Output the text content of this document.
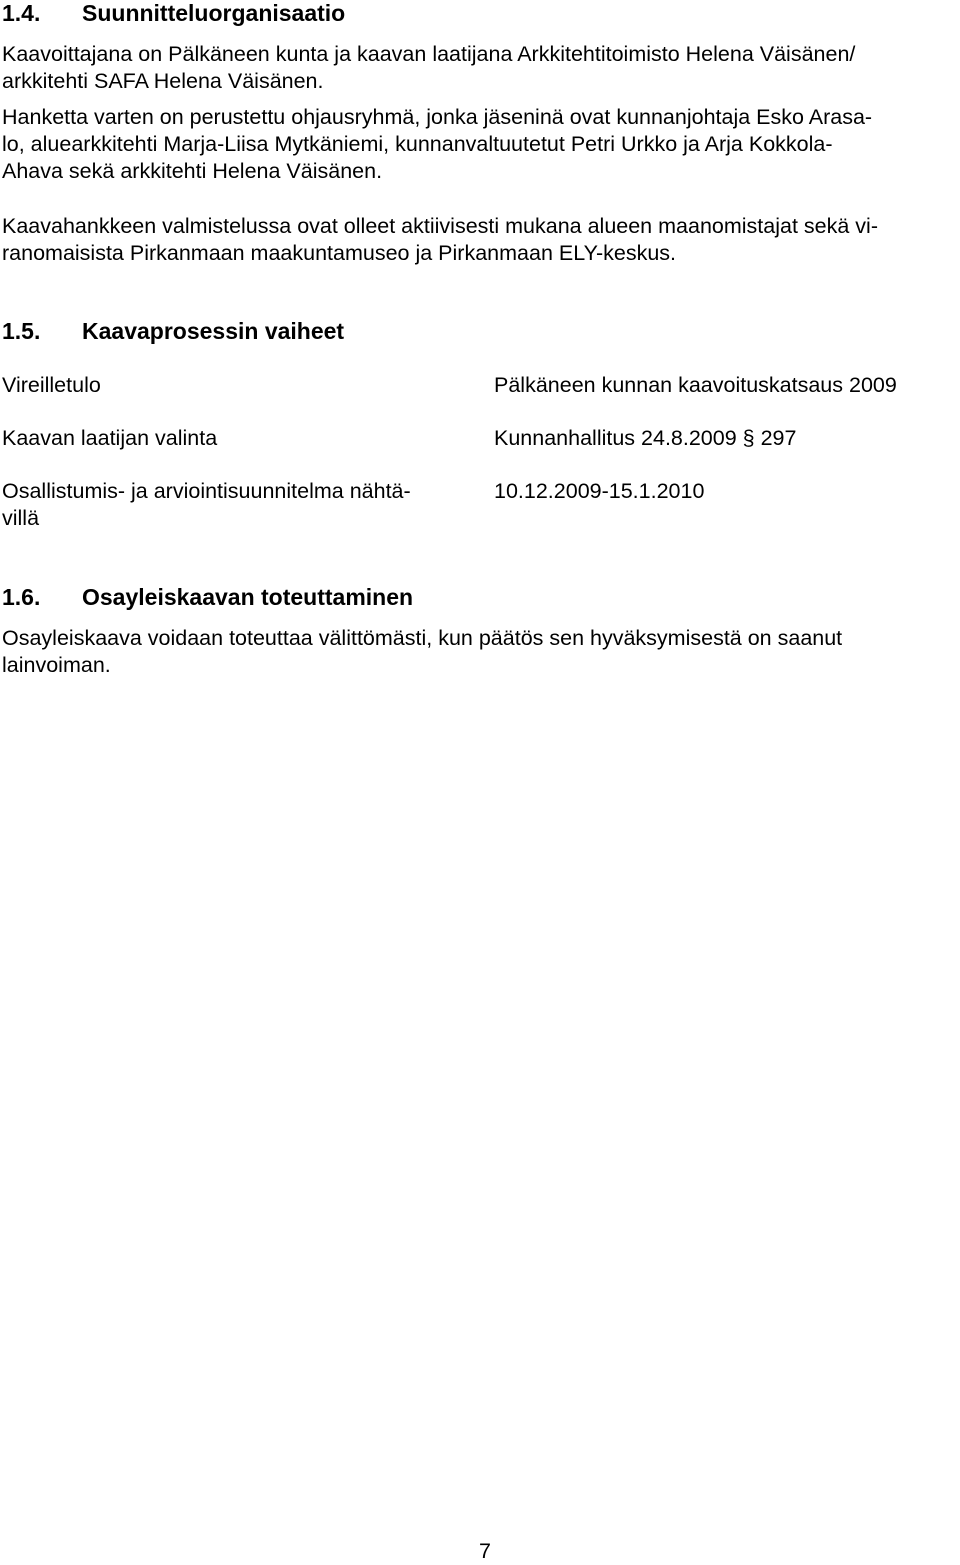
1.4. Suunnitteluorganisaatio
Kaavoittajana on Pälkäneen kunta ja kaavan laatijana Arkkitehtitoimisto Helena Väisänen/
arkkitehti SAFA Helena Väisänen.
Hanketta varten on perustettu ohjausryhmä, jonka jäseninä ovat kunnanjohtaja Esko Arasa-
lo, aluearkkitehti Marja-Liisa Mytkäniemi, kunnanvaltuutetut Petri Urkko ja Arja Kokkola-
Ahava sekä arkkitehti Helena Väisänen.
Kaavahankkeen valmistelussa ovat olleet aktiivisesti mukana alueen maanomistajat sekä vi-
ranomaisista Pirkanmaan maakuntamuseo ja Pirkanmaan ELY-keskus.
1.5. Kaavaprosessin vaiheet
Vireilletulo	Pälkäneen kunnan kaavoituskatsaus 2009
Kaavan laatijan valinta	Kunnanhallitus 24.8.2009 § 297
Osallistumis- ja arviointisuunnitelma nähtä-
villä
10.12.2009-15.1.2010
1.6. Osayleiskaavan toteuttaminen
Osayleiskaava voidaan toteuttaa välittömästi, kun päätös sen hyväksymisestä on saanut
lainvoiman.
7
